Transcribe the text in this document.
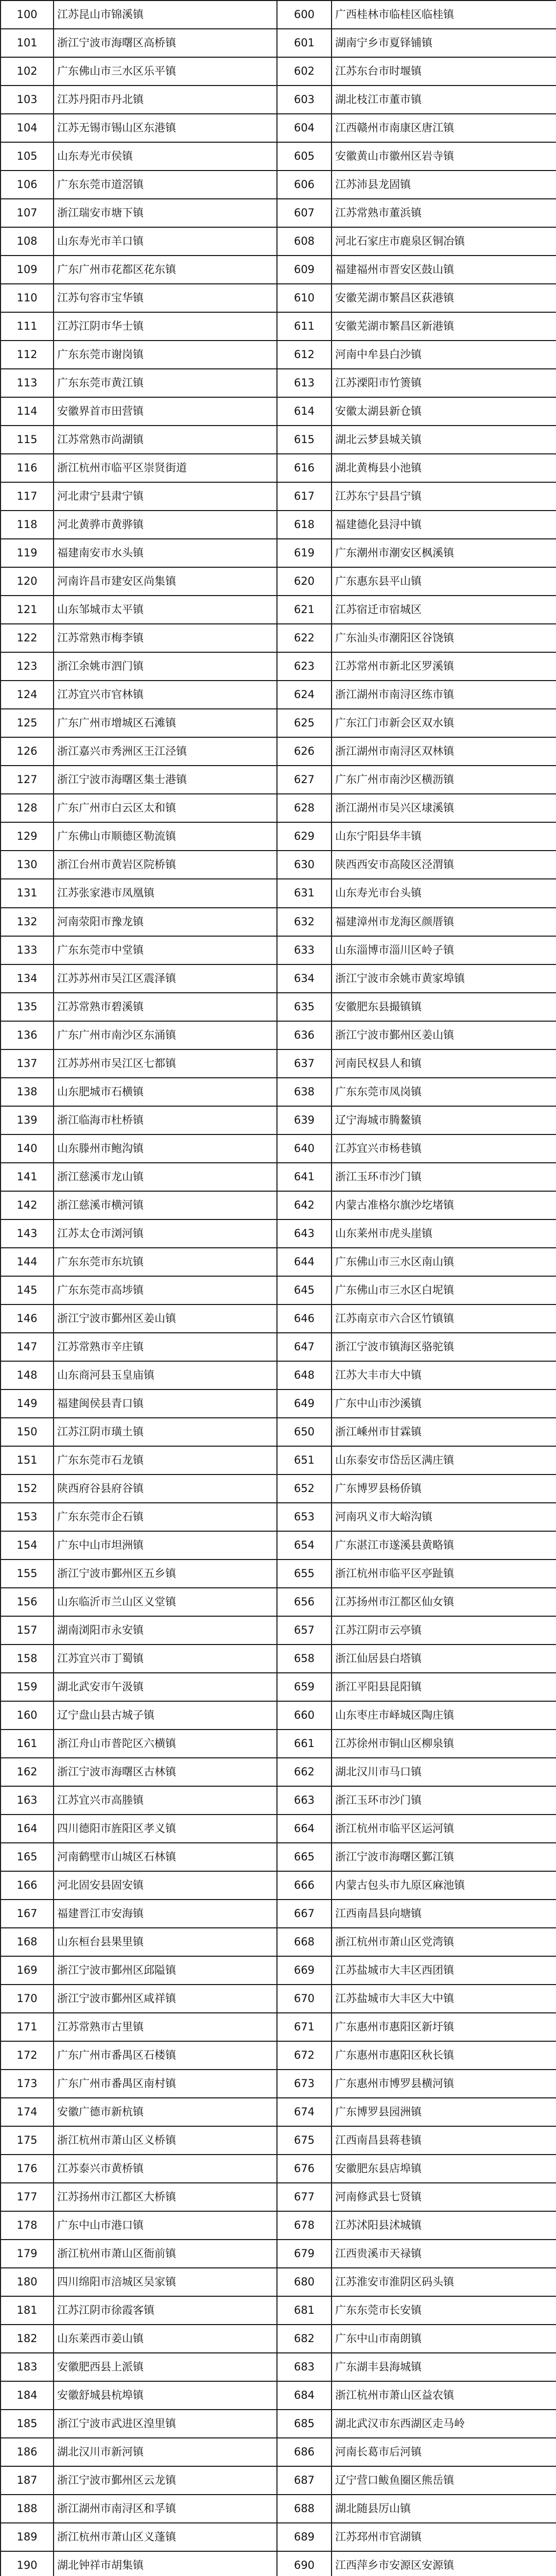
100	江苏昆山市锦溪镇	600	广西桂林市临桂区临桂镇
101	浙江宁波市海曙区高桥镇	601	湖南宁乡市夏铎铺镇
102	广东佛山市三水区乐平镇	602	江苏东台市时堰镇
103	江苏丹阳市丹北镇	603	湖北枝江市董市镇
104	江苏无锡市锡山区东港镇	604	江西赣州市南康区唐江镇
105	山东寿光市侯镇	605	安徽黄山市徽州区岩寺镇
106	广东东莞市道滘镇	606	江苏沛县龙固镇
107	浙江瑞安市塘下镇	607	江苏常熟市董浜镇
108	山东寿光市羊口镇	608	河北石家庄市鹿泉区铜冶镇
109	广东广州市花都区花东镇	609	福建福州市晋安区鼓山镇
110	江苏句容市宝华镇	610	安徽芜湖市繁昌区荻港镇
111	江苏江阴市华士镇	611	安徽芜湖市繁昌区新港镇
112	广东东莞市谢岗镇	612	河南中牟县白沙镇
113	广东东莞市黄江镇	613	江苏溧阳市竹箦镇
114	安徽界首市田营镇	614	安徽太湖县新仓镇
115	江苏常熟市尚湖镇	615	湖北云梦县城关镇
116	浙江杭州市临平区崇贤街道	616	湖北黄梅县小池镇
117	河北肃宁县肃宁镇	617	江苏东宁县昌宁镇
118	河北黄骅市黄骅镇	618	福建德化县浔中镇
119	福建南安市水头镇	619	广东潮州市潮安区枫溪镇
120	河南许昌市建安区尚集镇	620	广东惠东县平山镇
121	山东邹城市太平镇	621	江苏宿迁市宿城区
122	江苏常熟市梅李镇	622	广东汕头市潮阳区谷饶镇
123	浙江余姚市泗门镇	623	江苏常州市新北区罗溪镇
124	江苏宜兴市官林镇	624	浙江湖州市南浔区练市镇
125	广东广州市增城区石滩镇	625	广东江门市新会区双水镇
126	浙江嘉兴市秀洲区王江泾镇	626	浙江湖州市南浔区双林镇
127	浙江宁波市海曙区集士港镇	627	广东广州市南沙区横沥镇
128	广东广州市白云区太和镇	628	浙江湖州市吴兴区埭溪镇
129	广东佛山市顺德区勒流镇	629	山东宁阳县华丰镇
130	浙江台州市黄岩区院桥镇	630	陕西西安市高陵区泾渭镇
131	江苏张家港市凤凰镇	631	山东寿光市台头镇
132	河南荥阳市豫龙镇	632	福建漳州市龙海区颜厝镇
133	广东东莞市中堂镇	633	山东淄博市淄川区岭子镇
134	江苏苏州市吴江区震泽镇	634	浙江宁波市余姚市黄家埠镇
135	江苏常熟市碧溪镇	635	安徽肥东县撮镇镇
136	广东广州市南沙区东涌镇	636	浙江宁波市鄞州区姜山镇
137	江苏苏州市吴江区七都镇	637	河南民权县人和镇
138	山东肥城市石横镇	638	广东东莞市凤岗镇
139	浙江临海市杜桥镇	639	辽宁海城市腾鳌镇
140	山东滕州市鲍沟镇	640	江苏宜兴市杨巷镇
141	浙江慈溪市龙山镇	641	浙江玉环市沙门镇
142	浙江慈溪市横河镇	642	内蒙古准格尔旗沙圪堵镇
143	江苏太仓市浏河镇	643	山东莱州市虎头崖镇
144	广东东莞市东坑镇	644	广东佛山市三水区南山镇
145	广东东莞市高埗镇	645	广东佛山市三水区白坭镇
146	浙江宁波市鄞州区姜山镇	646	江苏南京市六合区竹镇镇
147	江苏常熟市辛庄镇	647	浙江宁波市镇海区骆驼镇
148	山东商河县玉皇庙镇	648	江苏大丰市大中镇
149	福建闽侯县青口镇	649	广东中山市沙溪镇
150	江苏江阴市璜土镇	650	浙江嵊州市甘霖镇
151	广东东莞市石龙镇	651	山东泰安市岱岳区满庄镇
152	陕西府谷县府谷镇	652	广东博罗县杨侨镇
153	广东东莞市企石镇	653	河南巩义市大峪沟镇
154	广东中山市坦洲镇	654	广东湛江市遂溪县黄略镇
155	浙江宁波市鄞州区五乡镇	655	浙江杭州市临平区亭趾镇
156	山东临沂市兰山区义堂镇	656	江苏扬州市江都区仙女镇
157	湖南浏阳市永安镇	657	江苏江阴市云亭镇
158	江苏宜兴市丁蜀镇	658	浙江仙居县白塔镇
159	湖北武安市午汲镇	659	浙江平阳县昆阳镇
160	辽宁盘山县古城子镇	660	山东枣庄市峄城区陶庄镇
161	浙江舟山市普陀区六横镇	661	江苏徐州市铜山区柳泉镇
162	浙江宁波市海曙区古林镇	662	湖北汉川市马口镇
163	江苏宜兴市高塍镇	663	浙江玉环市沙门镇
164	四川德阳市旌阳区孝义镇	664	浙江杭州市临平区运河镇
165	河南鹤壁市山城区石林镇	665	浙江宁波市海曙区鄞江镇
166	河北固安县固安镇	666	内蒙古包头市九原区麻池镇
167	福建晋江市安海镇	667	江西南昌县向塘镇
168	山东桓台县果里镇	668	浙江杭州市萧山区党湾镇
169	浙江宁波市鄞州区邱隘镇	669	江苏盐城市大丰区西团镇
170	浙江宁波市鄞州区咸祥镇	670	江苏盐城市大丰区大中镇
171	江苏常熟市古里镇	671	广东惠州市惠阳区新圩镇
172	广东广州市番禺区石楼镇	672	广东惠州市惠阳区秋长镇
173	广东广州市番禺区南村镇	673	广东惠州市博罗县横河镇
174	安徽广德市新杭镇	674	广东博罗县园洲镇
175	浙江杭州市萧山区义桥镇	675	江西南昌县蒋巷镇
176	江苏泰兴市黄桥镇	676	安徽肥东县店埠镇
177	江苏扬州市江都区大桥镇	677	河南修武县七贤镇
178	广东中山市港口镇	678	江苏沭阳县沭城镇
179	浙江杭州市萧山区衙前镇	679	江西贵溪市天禄镇
180	四川绵阳市涪城区吴家镇	680	江苏淮安市淮阴区码头镇
181	江苏江阴市徐霞客镇	681	广东东莞市长安镇
182	山东莱西市姜山镇	682	广东中山市南朗镇
183	安徽肥西县上派镇	683	广东湖丰县海城镇
184	安徽舒城县杭埠镇	684	浙江杭州市萧山区益农镇
185	浙江宁波市武进区湟里镇	685	湖北武汉市东西湖区走马岭
186	湖北汉川市新河镇	686	河南长葛市后河镇
187	浙江宁波市鄞州区云龙镇	687	辽宁营口鲅鱼圈区熊岳镇
188	浙江湖州市南浔区和孚镇	688	湖北随县厉山镇
189	浙江杭州市萧山区义蓬镇	689	江苏邳州市官湖镇
190	湖北钟祥市胡集镇	690	江西萍乡市安源区安源镇
